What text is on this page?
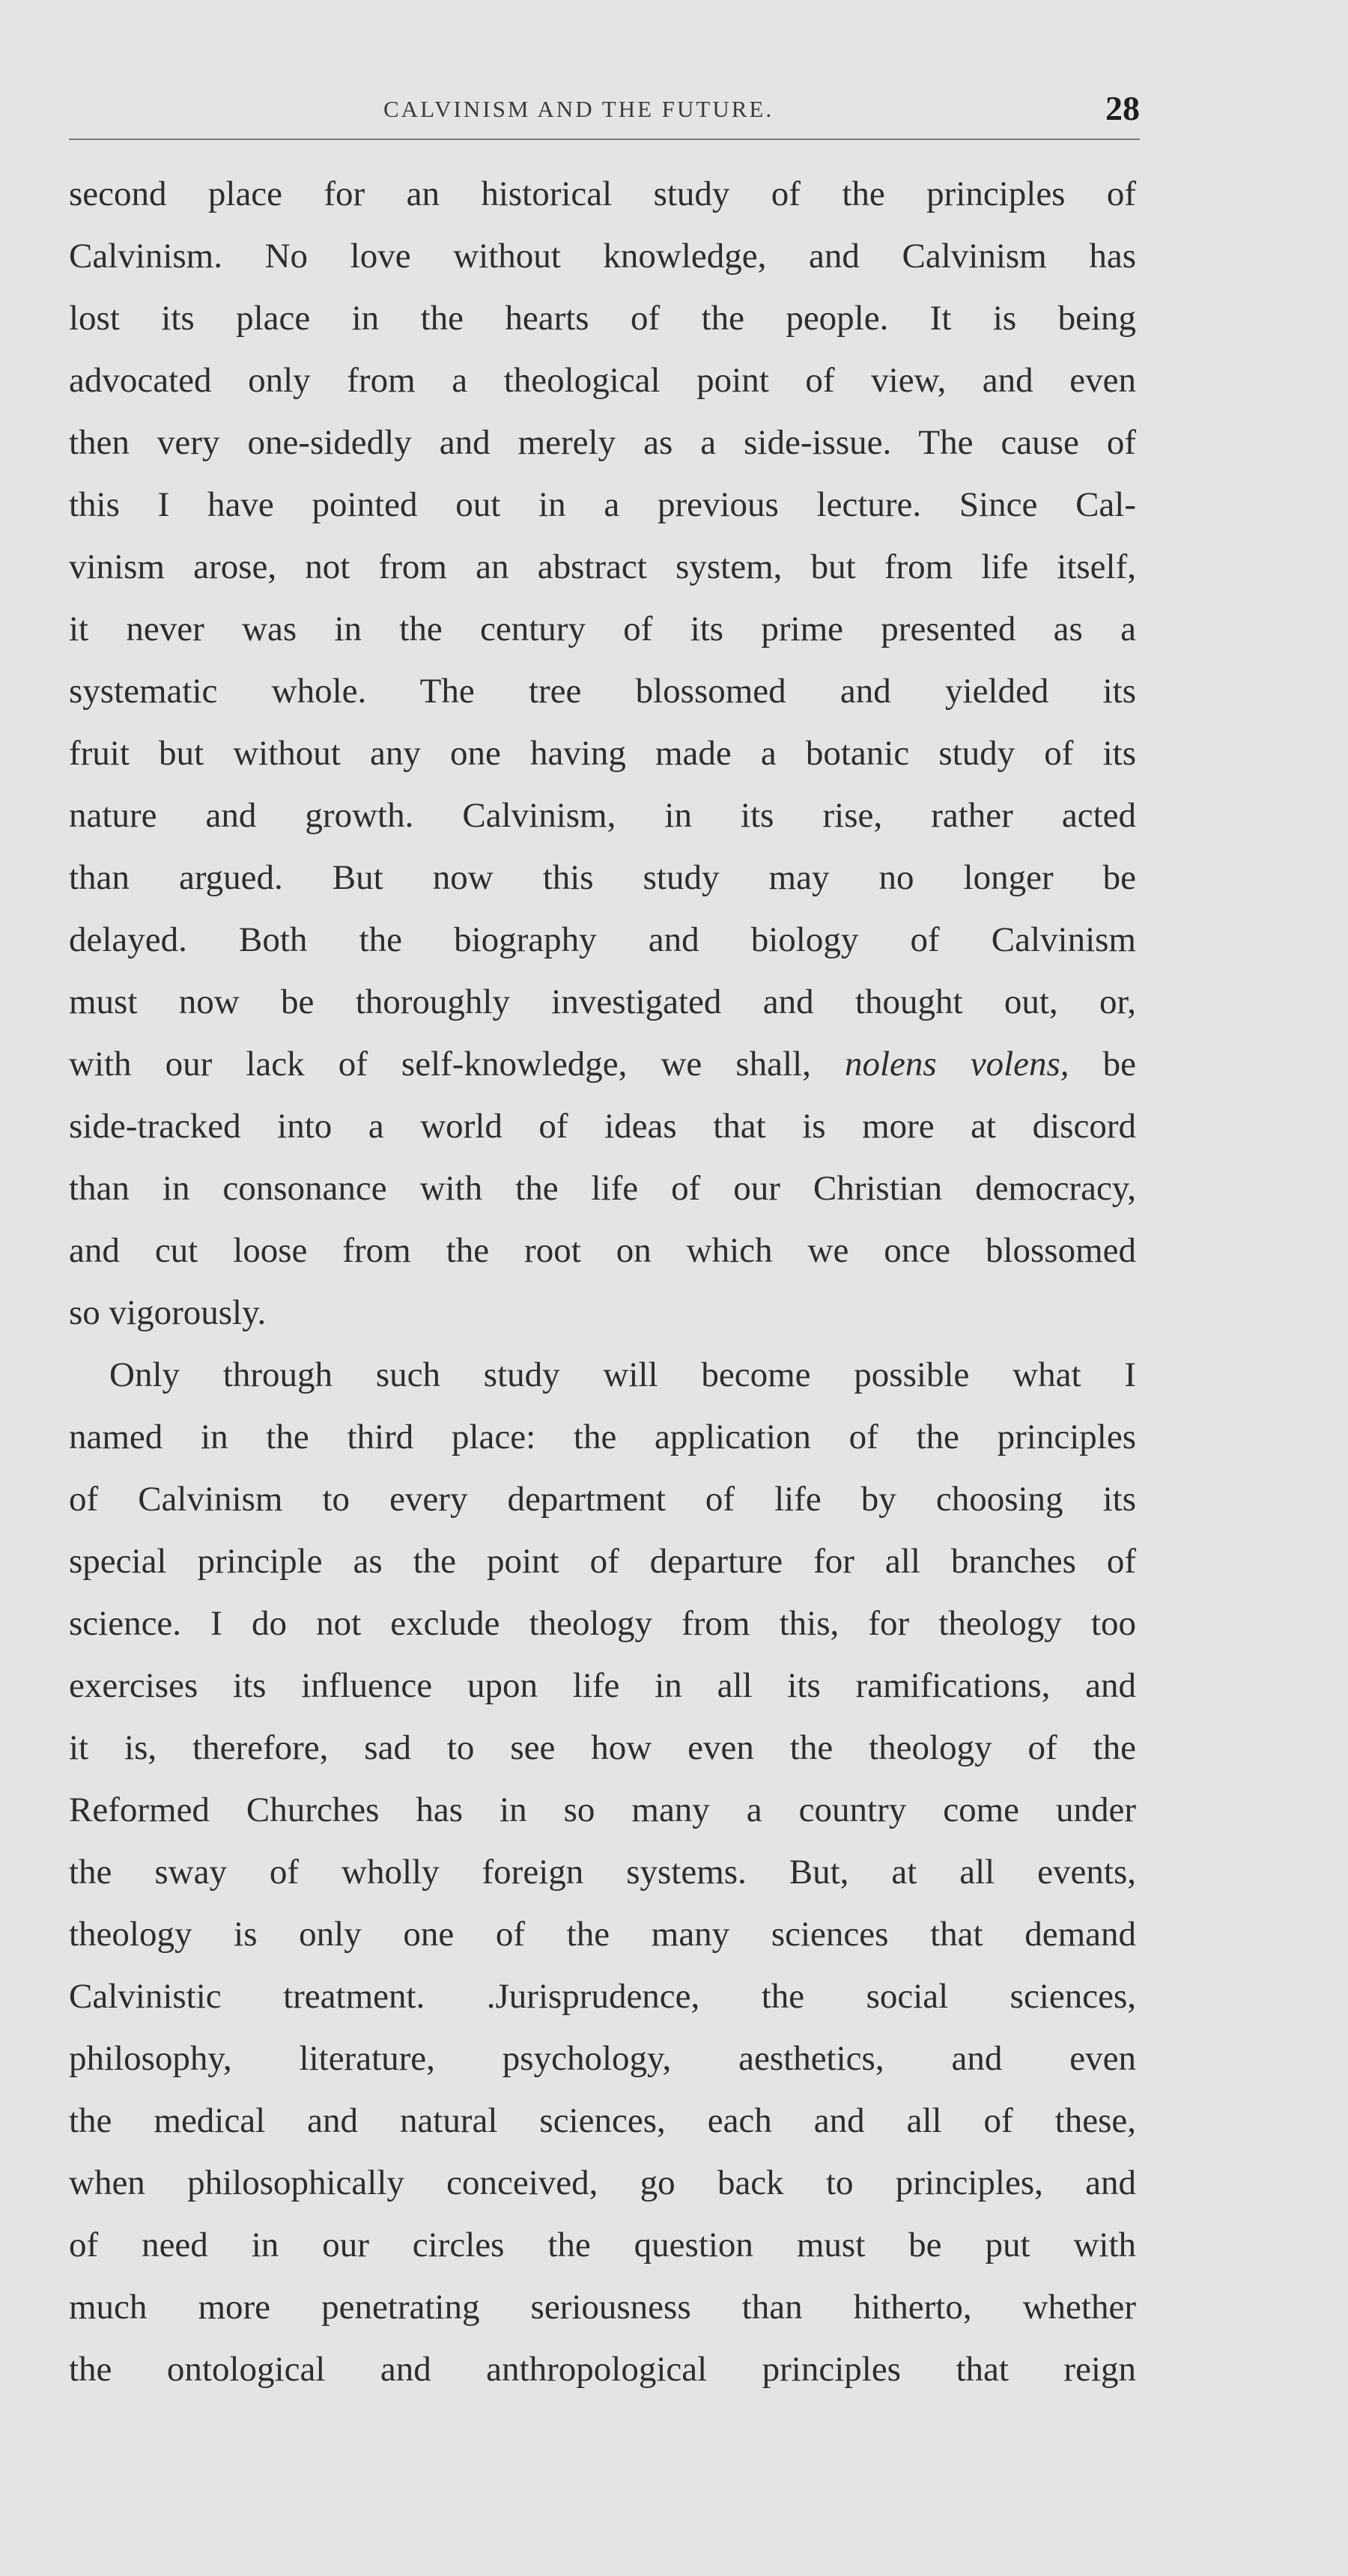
CALVINISM AND THE FUTURE.	28
second place for an historical study of the principles of
Calvinism. No love without knowledge, and Calvinism has
lost its place in the hearts of the people. It is being
advocated only from a theological point of view, and even
then very one-sidedly and merely as a side-issue. The cause of
this I have pointed out in a previous lecture. Since Cal-
vinism arose, not from an abstract system, but from life itself,
it never was in the century of its prime presented as a
systematic whole. The tree blossomed and yielded its
fruit but without any one having made a botanic study of its
nature and growth. Calvinism, in its rise, rather acted
than argued. But now this study may no longer be
delayed. Both the biography and biology of Calvinism
must now be thoroughly investigated and thought out, or,
with our lack of self-knowledge, we shall, nolens volens, be
side-tracked into a world of ideas that is more at discord
than in consonance with the life of our Christian democracy,
and cut loose from the root on which we once blossomed
so vigorously.
Only through such study will become possible what I
named in the third place: the application of the principles
of Calvinism to every department of life by choosing its
special principle as the point of departure for all branches of
science. I do not exclude theology from this, for theology too
exercises its influence upon life in all its ramifications, and
it is, therefore, sad to see how even the theology of the
Reformed Churches has in so many a country come under
the sway of wholly foreign systems. But, at all events,
theology is only one of the many sciences that demand
Calvinistic treatment. .Jurisprudence, the social sciences,
philosophy, literature, psychology, aesthetics, and even
the medical and natural sciences, each and all of these,
when philosophically conceived, go back to principles, and
of need in our circles the question must be put with
much more penetrating seriousness than hitherto, whether
the ontological and anthropological principles that reign
